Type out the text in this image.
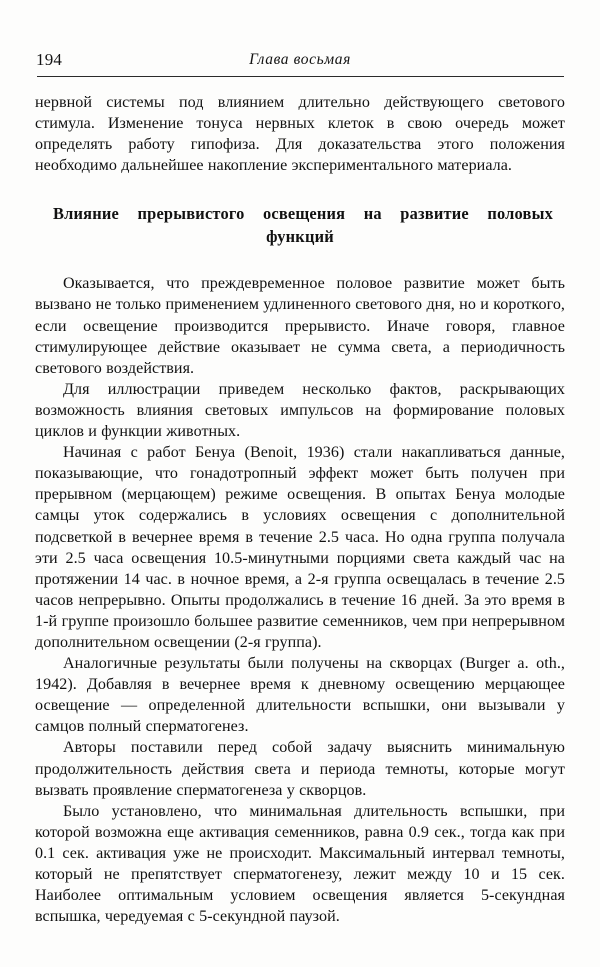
194	Глава восьмая

нервной системы под влиянием длительно действующего светового стимула. Изменение тонуса нервных клеток в свою очередь может определять работу гипофиза. Для доказательства этого положения необходимо дальнейшее накопление экспериментального материала.

Влияние прерывистого освещения на развитие половых
функций

Оказывается, что преждевременное половое развитие может быть вызвано не только применением удлиненного светового дня, но и короткого, если освещение производится прерывисто. Иначе говоря, главное стимулирующее действие оказывает не сумма света, а периодичность светового воздействия.

Для иллюстрации приведем несколько фактов, раскрывающих возможность влияния световых импульсов на формирование половых циклов и функции животных.

Начиная с работ Бенуа (Benoit, 1936) стали накапливаться данные, показывающие, что гонадотропный эффект может быть получен при прерывном (мерцающем) режиме освещения. В опытах Бенуа молодые самцы уток содержались в условиях освещения с дополнительной подсветкой в вечернее время в течение 2.5 часа. Но одна группа получала эти 2.5 часа освещения 10.5-минутными порциями света каждый час на протяжении 14 час. в ночное время, а 2-я группа освещалась в течение 2.5 часов непрерывно. Опыты продолжались в течение 16 дней. За это время в 1-й группе произошло большее развитие семенников, чем при непрерывном дополнительном освещении (2-я группа).

Аналогичные результаты были получены на скворцах (Burger a. oth., 1942). Добавляя в вечернее время к дневному освещению мерцающее освещение — определенной длительности вспышки, они вызывали у самцов полный сперматогенез.

Авторы поставили перед собой задачу выяснить минимальную продолжительность действия света и периода темноты, которые могут вызвать проявление сперматогенеза у скворцов.

Было установлено, что минимальная длительность вспышки, при которой возможна еще активация семенников, равна 0.9 сек., тогда как при 0.1 сек. активация уже не происходит. Максимальный интервал темноты, который не препятствует сперматогенезу, лежит между 10 и 15 сек. Наиболее оптимальным условием освещения является 5-секундная вспышка, чередуемая с 5-секундной паузой.
